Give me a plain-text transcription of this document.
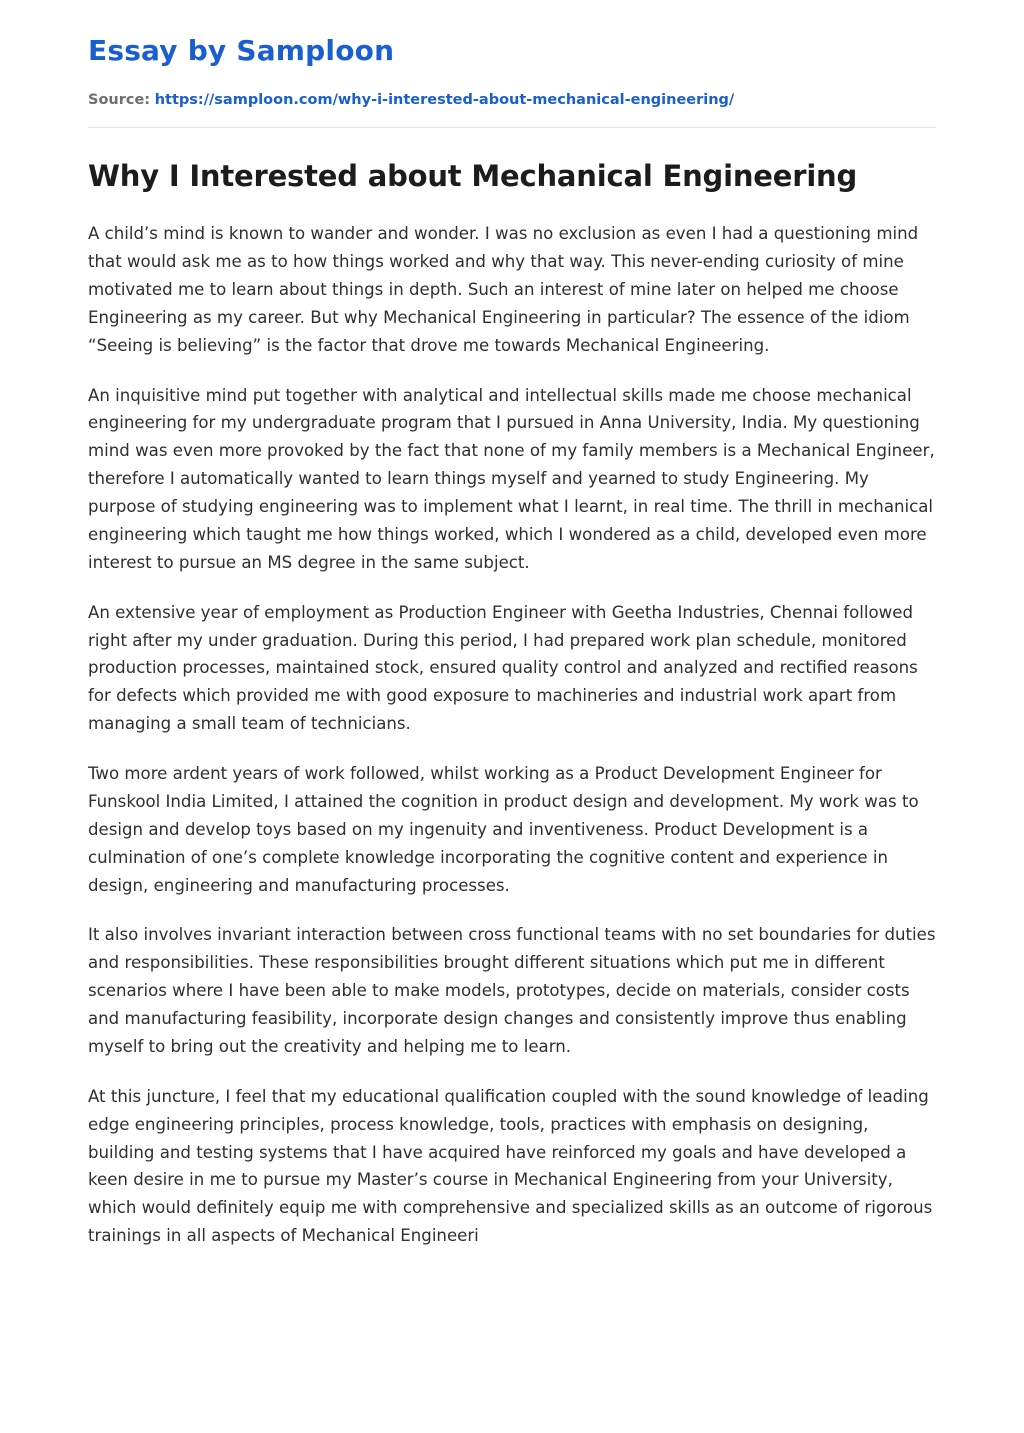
Essay by Samploon
Source: https://samploon.com/why-i-interested-about-mechanical-engineering/
Why I Interested about Mechanical Engineering

A child’s mind is known to wander and wonder. I was no exclusion as even I had a questioning mind that would ask me as to how things worked and why that way. This never-ending curiosity of mine motivated me to learn about things in depth. Such an interest of mine later on helped me choose Engineering as my career. But why Mechanical Engineering in particular? The essence of the idiom “Seeing is believing” is the factor that drove me towards Mechanical Engineering.

An inquisitive mind put together with analytical and intellectual skills made me choose mechanical engineering for my undergraduate program that I pursued in Anna University, India. My questioning mind was even more provoked by the fact that none of my family members is a Mechanical Engineer, therefore I automatically wanted to learn things myself and yearned to study Engineering. My purpose of studying engineering was to implement what I learnt, in real time. The thrill in mechanical engineering which taught me how things worked, which I wondered as a child, developed even more interest to pursue an MS degree in the same subject.

An extensive year of employment as Production Engineer with Geetha Industries, Chennai followed right after my under graduation. During this period, I had prepared work plan schedule, monitored production processes, maintained stock, ensured quality control and analyzed and rectified reasons for defects which provided me with good exposure to machineries and industrial work apart from managing a small team of technicians.

Two more ardent years of work followed, whilst working as a Product Development Engineer for Funskool India Limited, I attained the cognition in product design and development. My work was to design and develop toys based on my ingenuity and inventiveness. Product Development is a culmination of one’s complete knowledge incorporating the cognitive content and experience in design, engineering and manufacturing processes.

It also involves invariant interaction between cross functional teams with no set boundaries for duties and responsibilities. These responsibilities brought different situations which put me in different scenarios where I have been able to make models, prototypes, decide on materials, consider costs and manufacturing feasibility, incorporate design changes and consistently improve thus enabling myself to bring out the creativity and helping me to learn.

At this juncture, I feel that my educational qualification coupled with the sound knowledge of leading edge engineering principles, process knowledge, tools, practices with emphasis on designing, building and testing systems that I have acquired have reinforced my goals and have developed a keen desire in me to pursue my Master’s course in Mechanical Engineering from your University, which would definitely equip me with comprehensive and specialized skills as an outcome of rigorous trainings in all aspects of Mechanical Engineeri
